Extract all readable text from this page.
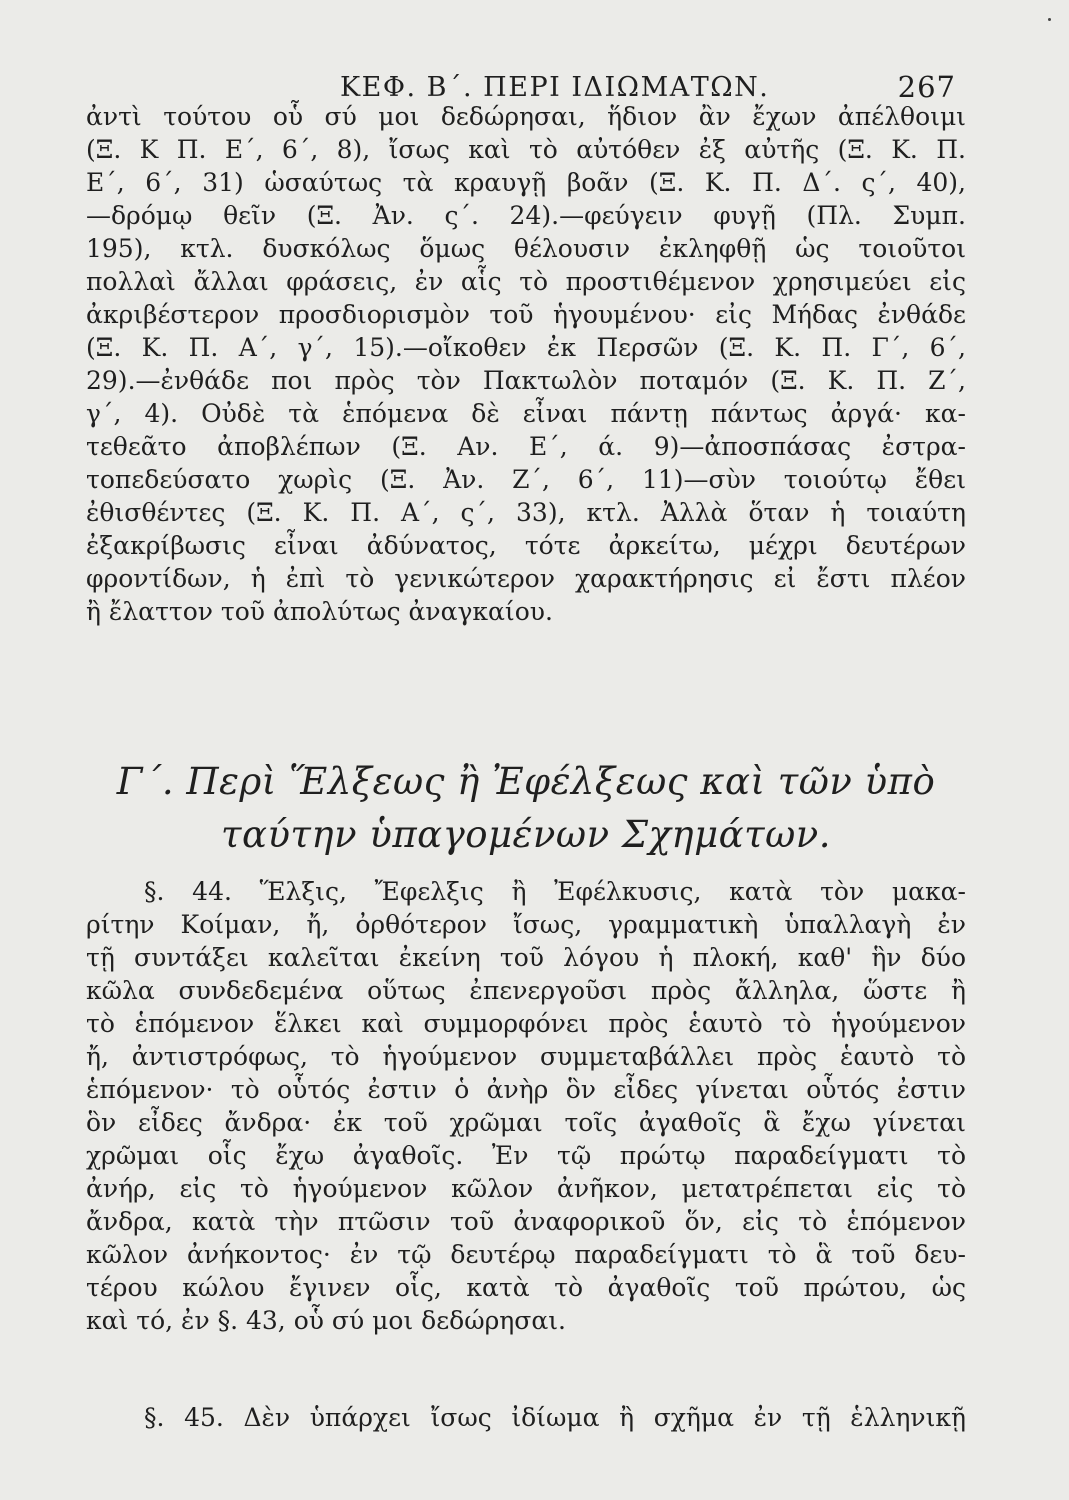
ΚΕΦ. Β΄. ΠΕΡΙ ΙΔΙΩΜΑΤΩΝ.	267
ἀντὶ τούτου οὗ σύ μοι δεδώρησαι, ἥδιον ἂν ἔχων ἀπέλθοιμι
(Ξ. Κ Π. Ε΄, 6΄, 8), ἴσως καὶ τὸ αὐτόθεν ἐξ αὐτῆς (Ξ. Κ. Π.
Ε΄, 6΄, 31) ὡσαύτως τὰ κραυγῇ βοᾶν (Ξ. Κ. Π. Δ΄. ς΄, 40),
—δρόμῳ θεῖν (Ξ. Ἀν. ς΄. 24).—φεύγειν φυγῇ (Πλ. Συμπ.
195), κτλ. δυσκόλως ὅμως θέλουσιν ἐκληφθῇ ὡς τοιοῦτοι
πολλαὶ ἄλλαι φράσεις, ἐν αἷς τὸ προστιθέμενον χρησιμεύει εἰς
ἀκριβέστερον προσδιορισμὸν τοῦ ἡγουμένου· εἰς Μήδας ἐνθάδε
(Ξ. Κ. Π. Α΄, γ΄, 15).—οἴκοθεν ἐκ Περσῶν (Ξ. Κ. Π. Γ΄, 6΄,
29).—ἐνθάδε ποι πρὸς τὸν Πακτωλὸν ποταμόν (Ξ. Κ. Π. Ζ΄,
γ΄, 4). Οὐδὲ τὰ ἑπόμενα δὲ εἶναι πάντῃ πάντως ἀργά· κα-
τεθεᾶτο ἀποβλέπων (Ξ. Αν. Ε΄, ά. 9)—ἀποσπάσας ἐστρα-
τοπεδεύσατο χωρὶς (Ξ. Ἀν. Ζ΄, 6΄, 11)—σὺν τοιούτῳ ἔθει
ἐθισθέντες (Ξ. Κ. Π. Α΄, ς΄, 33), κτλ. Ἀλλὰ ὅταν ἡ τοιαύτη
ἐξακρίβωσις εἶναι ἀδύνατος, τότε ἀρκείτω, μέχρι δευτέρων
φροντίδων, ἡ ἐπὶ τὸ γενικώτερον χαρακτήρησις εἰ ἔστι πλέον
ἢ ἔλαττον τοῦ ἀπολύτως ἀναγκαίου.
Γ΄. Περὶ Ἕλξεως ἢ Ἐφέλξεως καὶ τῶν ὑπὸ
ταύτην ὑπαγομένων Σχημάτων.
§. 44. Ἕλξις, Ἔφελξις ἢ Ἐφέλκυσις, κατὰ τὸν μακα-
ρίτην Κοίμαν, ἤ, ὀρθότερον ἴσως, γραμματικὴ ὑπαλλαγὴ ἐν
τῇ συντάξει καλεῖται ἐκείνη τοῦ λόγου ἡ πλοκή, καθ' ἣν δύο
κῶλα συνδεδεμένα οὕτως ἐπενεργοῦσι πρὸς ἄλληλα, ὥστε ἢ
τὸ ἑπόμενον ἕλκει καὶ συμμορφόνει πρὸς ἑαυτὸ τὸ ἡγούμενον
ἤ, ἀντιστρόφως, τὸ ἡγούμενον συμμεταβάλλει πρὸς ἑαυτὸ τὸ
ἑπόμενον· τὸ οὗτός ἐστιν ὁ ἀνὴρ ὃν εἶδες γίνεται οὗτός ἐστιν
ὃν εἶδες ἄνδρα· ἐκ τοῦ χρῶμαι τοῖς ἀγαθοῖς ἃ ἔχω γίνεται
χρῶμαι οἷς ἔχω ἀγαθοῖς. Ἐν τῷ πρώτῳ παραδείγματι τὸ
ἀνήρ, εἰς τὸ ἡγούμενον κῶλον ἀνῆκον, μετατρέπεται εἰς τὸ
ἄνδρα, κατὰ τὴν πτῶσιν τοῦ ἀναφορικοῦ ὅν, εἰς τὸ ἑπόμενον
κῶλον ἀνήκοντος· ἐν τῷ δευτέρῳ παραδείγματι τὸ ἃ τοῦ δευ-
τέρου κώλου ἔγινεν οἷς, κατὰ τὸ ἀγαθοῖς τοῦ πρώτου, ὡς
καὶ τό, ἐν §. 43, οὗ σύ μοι δεδώρησαι.
§. 45. Δὲν ὑπάρχει ἴσως ἰδίωμα ἢ σχῆμα ἐν τῇ ἑλληνικῇ
